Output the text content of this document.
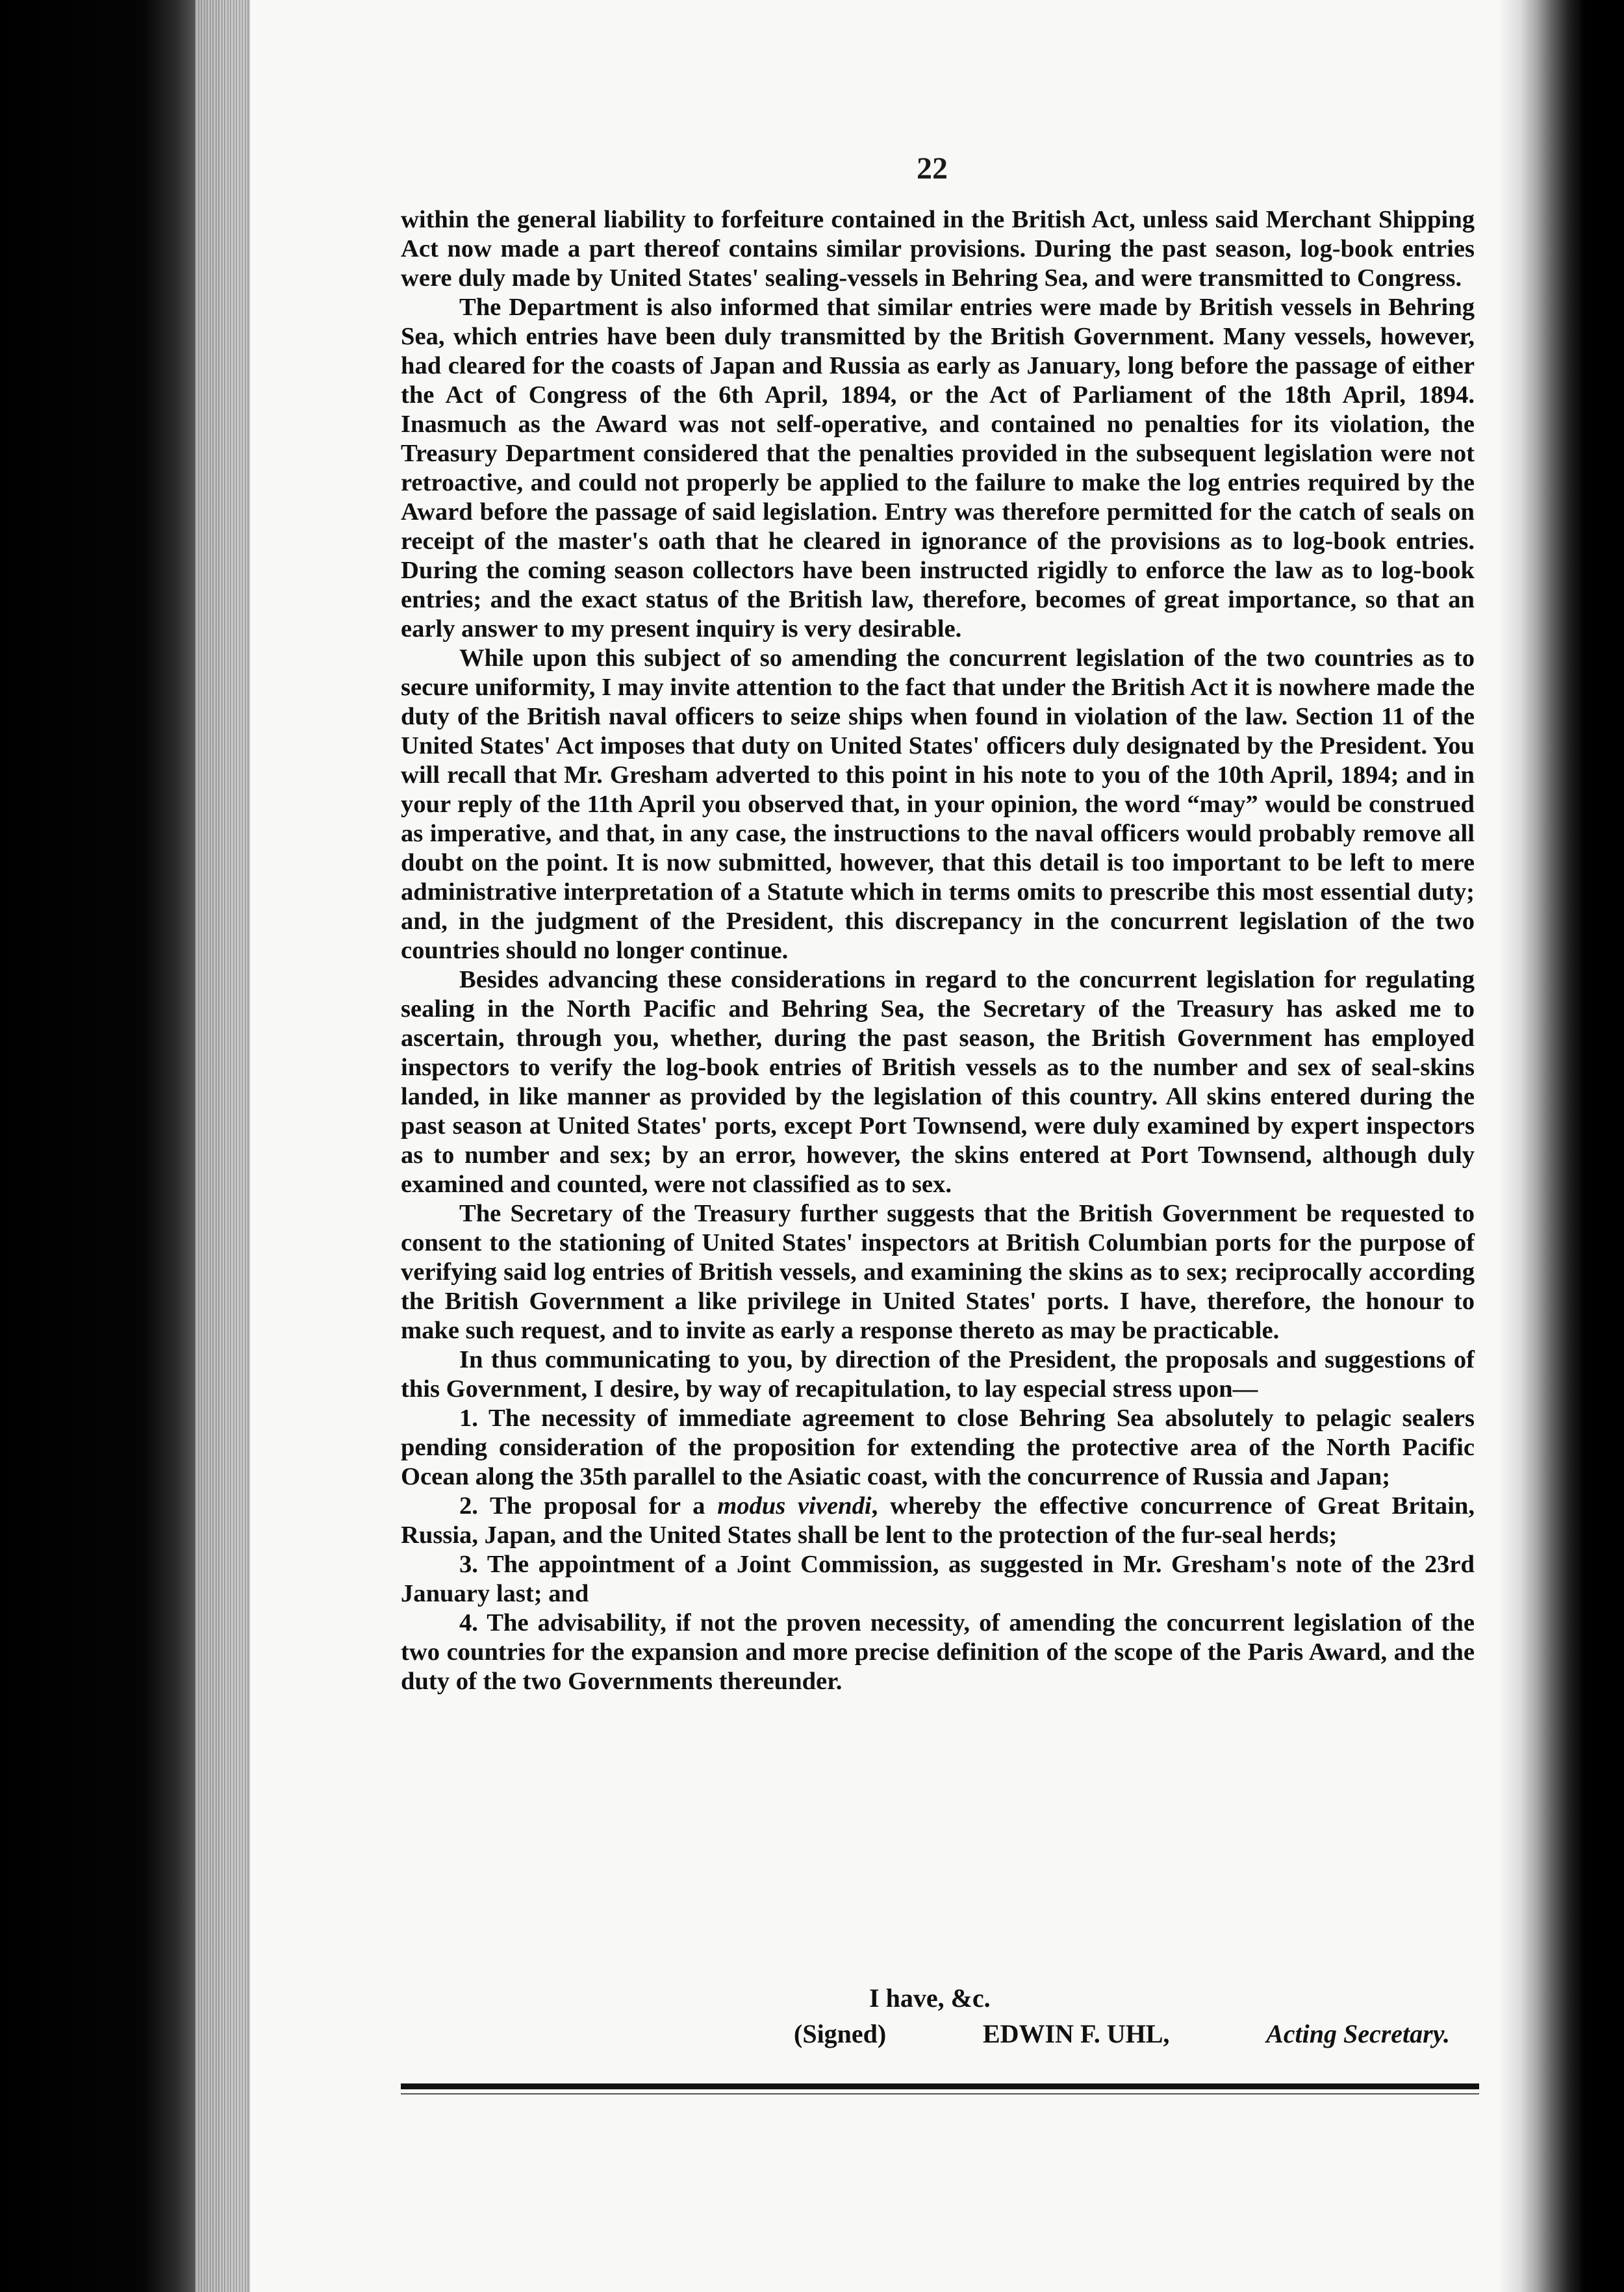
22

within the general liability to forfeiture contained in the British Act, unless said Merchant Shipping Act now made a part thereof contains similar provisions. During the past season, log-book entries were duly made by United States' sealing-vessels in Behring Sea, and were transmitted to Congress.

The Department is also informed that similar entries were made by British vessels in Behring Sea, which entries have been duly transmitted by the British Government. Many vessels, however, had cleared for the coasts of Japan and Russia as early as January, long before the passage of either the Act of Congress of the 6th April, 1894, or the Act of Parliament of the 18th April, 1894. Inasmuch as the Award was not self-operative, and contained no penalties for its violation, the Treasury Department considered that the penalties provided in the subsequent legislation were not retroactive, and could not properly be applied to the failure to make the log entries required by the Award before the passage of said legislation. Entry was therefore permitted for the catch of seals on receipt of the master's oath that he cleared in ignorance of the provisions as to log-book entries. During the coming season collectors have been instructed rigidly to enforce the law as to log-book entries; and the exact status of the British law, therefore, becomes of great importance, so that an early answer to my present inquiry is very desirable.

While upon this subject of so amending the concurrent legislation of the two countries as to secure uniformity, I may invite attention to the fact that under the British Act it is nowhere made the duty of the British naval officers to seize ships when found in violation of the law. Section 11 of the United States' Act imposes that duty on United States' officers duly designated by the President. You will recall that Mr. Gresham adverted to this point in his note to you of the 10th April, 1894; and in your reply of the 11th April you observed that, in your opinion, the word “may” would be construed as imperative, and that, in any case, the instructions to the naval officers would probably remove all doubt on the point. It is now submitted, however, that this detail is too important to be left to mere administrative interpretation of a Statute which in terms omits to prescribe this most essential duty; and, in the judgment of the President, this discrepancy in the concurrent legislation of the two countries should no longer continue.

Besides advancing these considerations in regard to the concurrent legislation for regulating sealing in the North Pacific and Behring Sea, the Secretary of the Treasury has asked me to ascertain, through you, whether, during the past season, the British Government has employed inspectors to verify the log-book entries of British vessels as to the number and sex of seal-skins landed, in like manner as provided by the legislation of this country. All skins entered during the past season at United States' ports, except Port Townsend, were duly examined by expert inspectors as to number and sex; by an error, however, the skins entered at Port Townsend, although duly examined and counted, were not classified as to sex.

The Secretary of the Treasury further suggests that the British Government be requested to consent to the stationing of United States' inspectors at British Columbian ports for the purpose of verifying said log entries of British vessels, and examining the skins as to sex; reciprocally according the British Government a like privilege in United States' ports. I have, therefore, the honour to make such request, and to invite as early a response thereto as may be practicable.

In thus communicating to you, by direction of the President, the proposals and suggestions of this Government, I desire, by way of recapitulation, to lay especial stress upon—

1. The necessity of immediate agreement to close Behring Sea absolutely to pelagic sealers pending consideration of the proposition for extending the protective area of the North Pacific Ocean along the 35th parallel to the Asiatic coast, with the concurrence of Russia and Japan;

2. The proposal for a modus vivendi, whereby the effective concurrence of Great Britain, Russia, Japan, and the United States shall be lent to the protection of the fur-seal herds;

3. The appointment of a Joint Commission, as suggested in Mr. Gresham's note of the 23rd January last; and

4. The advisability, if not the proven necessity, of amending the concurrent legislation of the two countries for the expansion and more precise definition of the scope of the Paris Award, and the duty of the two Governments thereunder.

I have, &c.
(Signed)	EDWIN F. UHL,	Acting Secretary.
